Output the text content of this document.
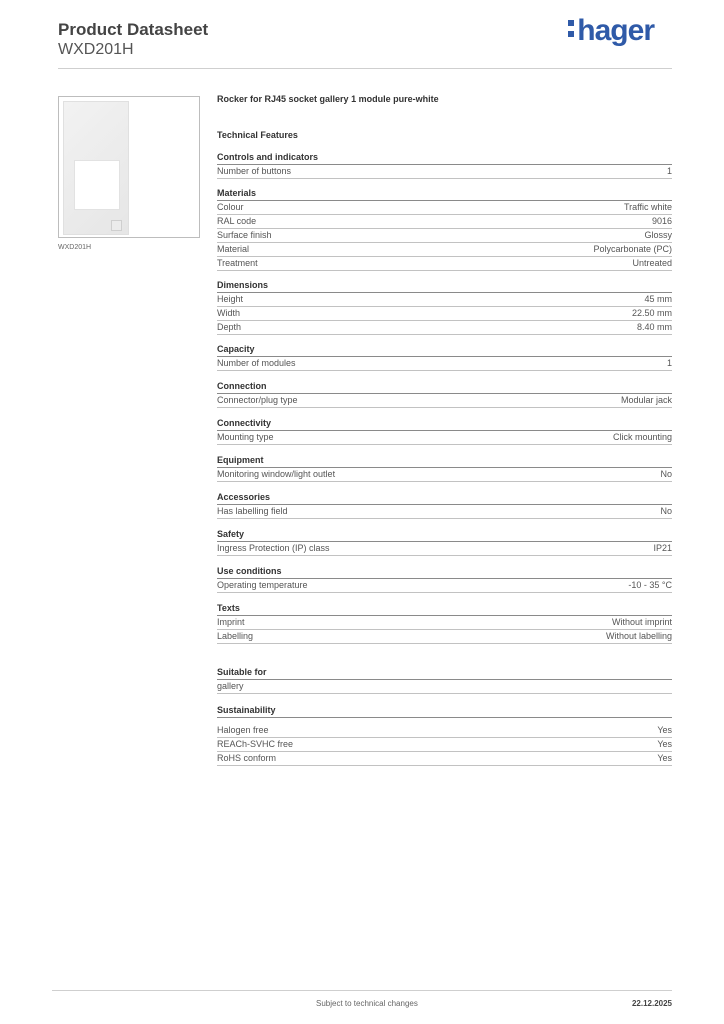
Product Datasheet
WXD201H
hager
WXD201H
Rocker for RJ45 socket gallery 1 module pure-white
Technical Features
Controls and indicators
Number of buttons	1
Materials
Colour	Traffic white
RAL code	9016
Surface finish	Glossy
Material	Polycarbonate (PC)
Treatment	Untreated
Dimensions
Height	45 mm
Width	22.50 mm
Depth	8.40 mm
Capacity
Number of modules	1
Connection
Connector/plug type	Modular jack
Connectivity
Mounting type	Click mounting
Equipment
Monitoring window/light outlet	No
Accessories
Has labelling field	No
Safety
Ingress Protection (IP) class	IP21
Use conditions
Operating temperature	-10 - 35 °C
Texts
Imprint	Without imprint
Labelling	Without labelling
Suitable for
gallery
Sustainability
Halogen free	Yes
REACh-SVHC free	Yes
RoHS conform	Yes
Subject to technical changes	22.12.2025
